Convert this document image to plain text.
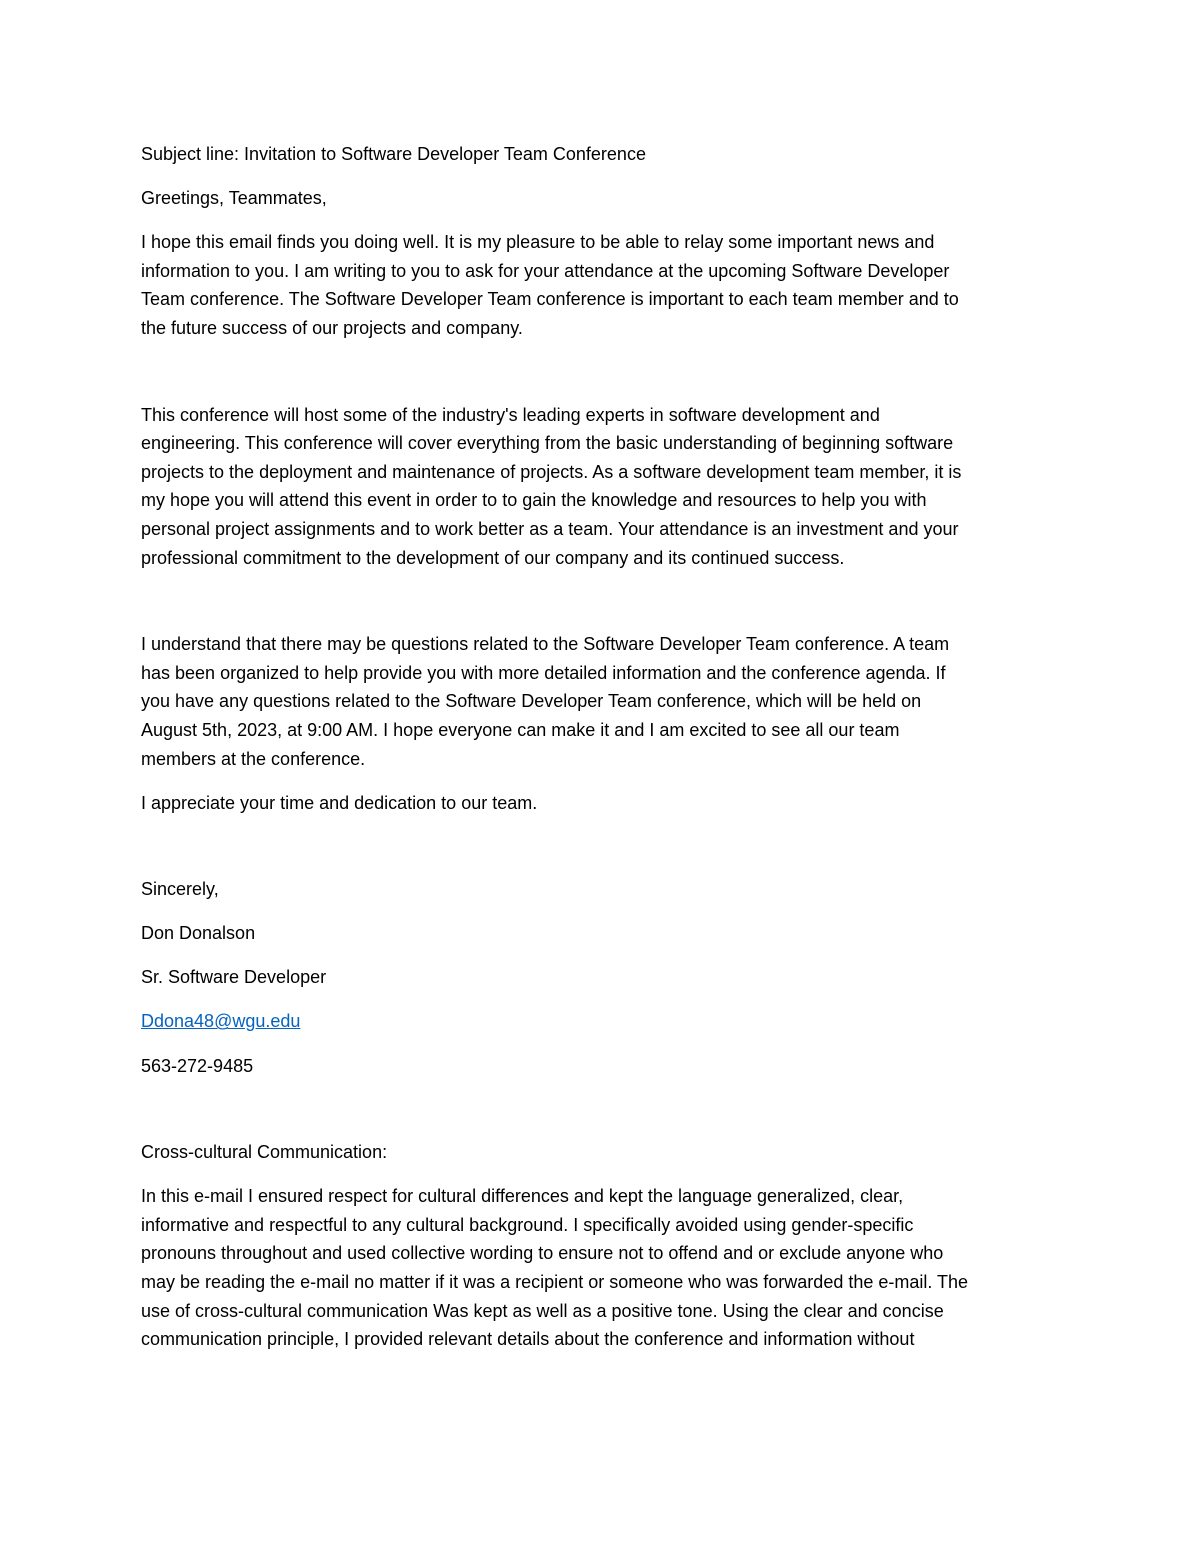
Subject line: Invitation to Software Developer Team Conference

Greetings, Teammates,

I hope this email finds you doing well. It is my pleasure to be able to relay some important news and
information to you. I am writing to you to ask for your attendance at the upcoming Software Developer
Team conference. The Software Developer Team conference is important to each team member and to
the future success of our projects and company.

This conference will host some of the industry's leading experts in software development and
engineering. This conference will cover everything from the basic understanding of beginning software
projects to the deployment and maintenance of projects. As a software development team member, it is
my hope you will attend this event in order to to gain the knowledge and resources to help you with
personal project assignments and to work better as a team. Your attendance is an investment and your
professional commitment to the development of our company and its continued success.

I understand that there may be questions related to the Software Developer Team conference. A team
has been organized to help provide you with more detailed information and the conference agenda. If
you have any questions related to the Software Developer Team conference, which will be held on
August 5th, 2023, at 9:00 AM. I hope everyone can make it and I am excited to see all our team
members at the conference.

I appreciate your time and dedication to our team.

Sincerely,

Don Donalson

Sr. Software Developer

Ddona48@wgu.edu

563-272-9485

Cross-cultural Communication:

In this e-mail I ensured respect for cultural differences and kept the language generalized, clear,
informative and respectful to any cultural background. I specifically avoided using gender-specific
pronouns throughout and used collective wording to ensure not to offend and or exclude anyone who
may be reading the e-mail no matter if it was a recipient or someone who was forwarded the e-mail. The
use of cross-cultural communication Was kept as well as a positive tone. Using the clear and concise
communication principle, I provided relevant details about the conference and information without
